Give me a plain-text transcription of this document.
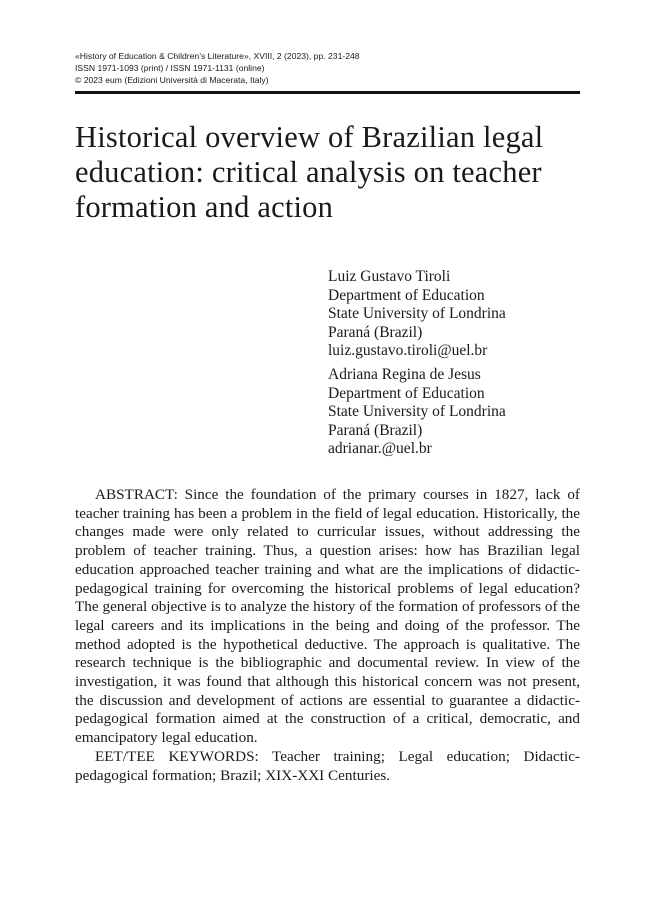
«History of Education & Children’s Literature», XVIII, 2 (2023), pp. 231-248
ISSN 1971-1093 (print) / ISSN 1971-1131 (online)
© 2023 eum (Edizioni Università di Macerata, Italy)
Historical overview of Brazilian legal education: critical analysis on teacher formation and action
Luiz Gustavo Tiroli
Department of Education
State University of Londrina
Paraná (Brazil)
luiz.gustavo.tiroli@uel.br
Adriana Regina de Jesus
Department of Education
State University of Londrina
Paraná (Brazil)
adrianar.@uel.br

ABSTRACT: Since the foundation of the primary courses in 1827, lack of teacher training has been a problem in the field of legal education. Historically, the changes made were only related to curricular issues, without addressing the problem of teacher training. Thus, a question arises: how has Brazilian legal education approached teacher training and what are the implications of didactic-pedagogical training for overcoming the historical problems of legal education? The general objective is to analyze the history of the formation of professors of the legal careers and its implications in the being and doing of the professor. The method adopted is the hypothetical deductive. The approach is qualitative. The research technique is the bibliographic and documental review. In view of the investigation, it was found that although this historical concern was not present, the discussion and development of actions are essential to guarantee a didactic-pedagogical formation aimed at the construction of a critical, democratic, and emancipatory legal education.

EET/TEE KEYWORDS: Teacher training; Legal education; Didactic-pedagogical formation; Brazil; XIX-XXI Centuries.
